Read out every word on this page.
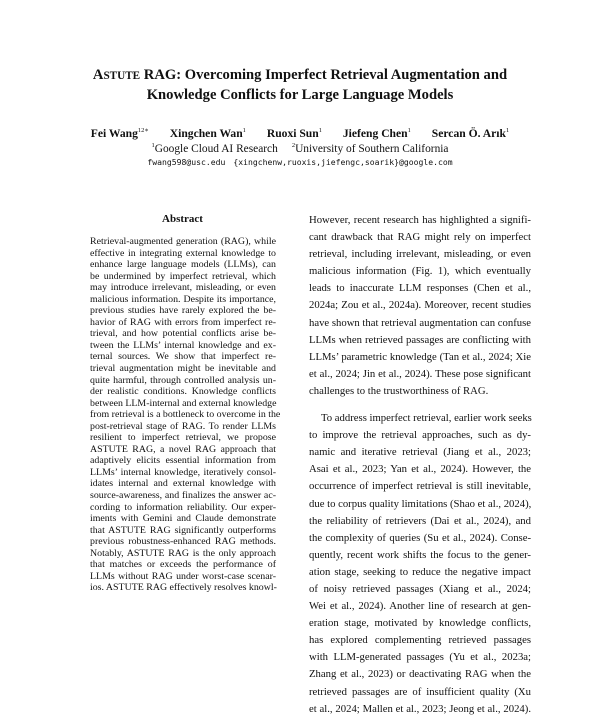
ASTUTE RAG: Overcoming Imperfect Retrieval Augmentation and
Knowledge Conflicts for Large Language Models
Fei Wang$^{12∗}$ Xingchen Wan$^1$ Ruoxi Sun$^1$ Jiefeng Chen$^1$ Sercan Ö. Arık$^1$
$^1$Google Cloud AI Research $^2$University of Southern California
fwang598@usc.edu {xingchenw,ruoxis,jiefengc,soarik}@google.com
Abstract
Retrieval-augmented generation (RAG), while
effective in integrating external knowledge to
enhance large language models (LLMs), can
be undermined by imperfect retrieval, which
may introduce irrelevant, misleading, or even
malicious information. Despite its importance,
previous studies have rarely explored the be-
havior of RAG with errors from imperfect re-
trieval, and how potential conflicts arise be-
tween the LLMs’ internal knowledge and ex-
ternal sources. We show that imperfect re-
trieval augmentation might be inevitable and
quite harmful, through controlled analysis un-
der realistic conditions. Knowledge conflicts
between LLM-internal and external knowledge
from retrieval is a bottleneck to overcome in the
post-retrieval stage of RAG. To render LLMs
resilient to imperfect retrieval, we propose
ASTUTE RAG, a novel RAG approach that
adaptively elicits essential information from
LLMs’ internal knowledge, iteratively consol-
idates internal and external knowledge with
source-awareness, and finalizes the answer ac-
cording to information reliability. Our exper-
iments with Gemini and Claude demonstrate
that ASTUTE RAG significantly outperforms
previous robustness-enhanced RAG methods.
Notably, ASTUTE RAG is the only approach
that matches or exceeds the performance of
LLMs without RAG under worst-case scenar-
ios. ASTUTE RAG effectively resolves knowl-
However, recent research has highlighted a signifi-
cant drawback that RAG might rely on imperfect
retrieval, including irrelevant, misleading, or even
malicious information (Fig. 1), which eventually
leads to inaccurate LLM responses (Chen et al.,
2024a; Zou et al., 2024a). Moreover, recent studies
have shown that retrieval augmentation can confuse
LLMs when retrieved passages are conflicting with
LLMs’ parametric knowledge (Tan et al., 2024; Xie
et al., 2024; Jin et al., 2024). These pose significant
challenges to the trustworthiness of RAG.
To address imperfect retrieval, earlier work seeks
to improve the retrieval approaches, such as dy-
namic and iterative retrieval (Jiang et al., 2023;
Asai et al., 2023; Yan et al., 2024). However, the
occurrence of imperfect retrieval is still inevitable,
due to corpus quality limitations (Shao et al., 2024),
the reliability of retrievers (Dai et al., 2024), and
the complexity of queries (Su et al., 2024). Conse-
quently, recent work shifts the focus to the gener-
ation stage, seeking to reduce the negative impact
of noisy retrieved passages (Xiang et al., 2024;
Wei et al., 2024). Another line of research at gen-
eration stage, motivated by knowledge conflicts,
has explored complementing retrieved passages
with LLM-generated passages (Yu et al., 2023a;
Zhang et al., 2023) or deactivating RAG when the
retrieved passages are of insufficient quality (Xu
et al., 2024; Mallen et al., 2023; Jeong et al., 2024).
